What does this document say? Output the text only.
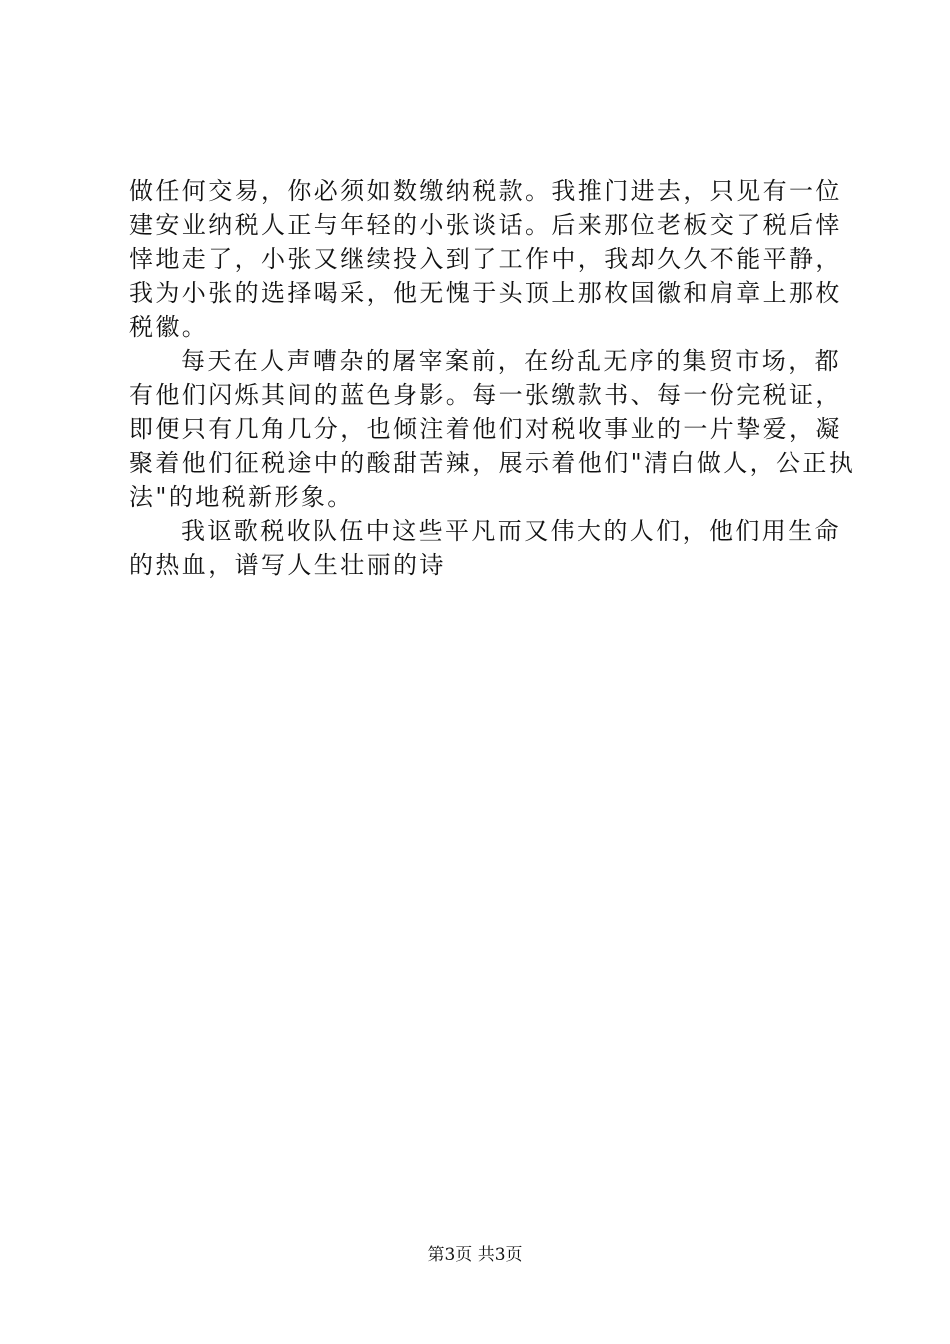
做任何交易，你必须如数缴纳税款。我推门进去，只见有一位
建安业纳税人正与年轻的小张谈话。后来那位老板交了税后悻
悻地走了，小张又继续投入到了工作中，我却久久不能平静，
我为小张的选择喝采，他无愧于头顶上那枚国徽和肩章上那枚
税徽。
每天在人声嘈杂的屠宰案前，在纷乱无序的集贸市场，都
有他们闪烁其间的蓝色身影。每一张缴款书、每一份完税证，
即便只有几角几分，也倾注着他们对税收事业的一片挚爱，凝
聚着他们征税途中的酸甜苦辣，展示着他们"清白做人，公正执
法"的地税新形象。
我讴歌税收队伍中这些平凡而又伟大的人们，他们用生命
的热血，谱写人生壮丽的诗
第3页 共3页
